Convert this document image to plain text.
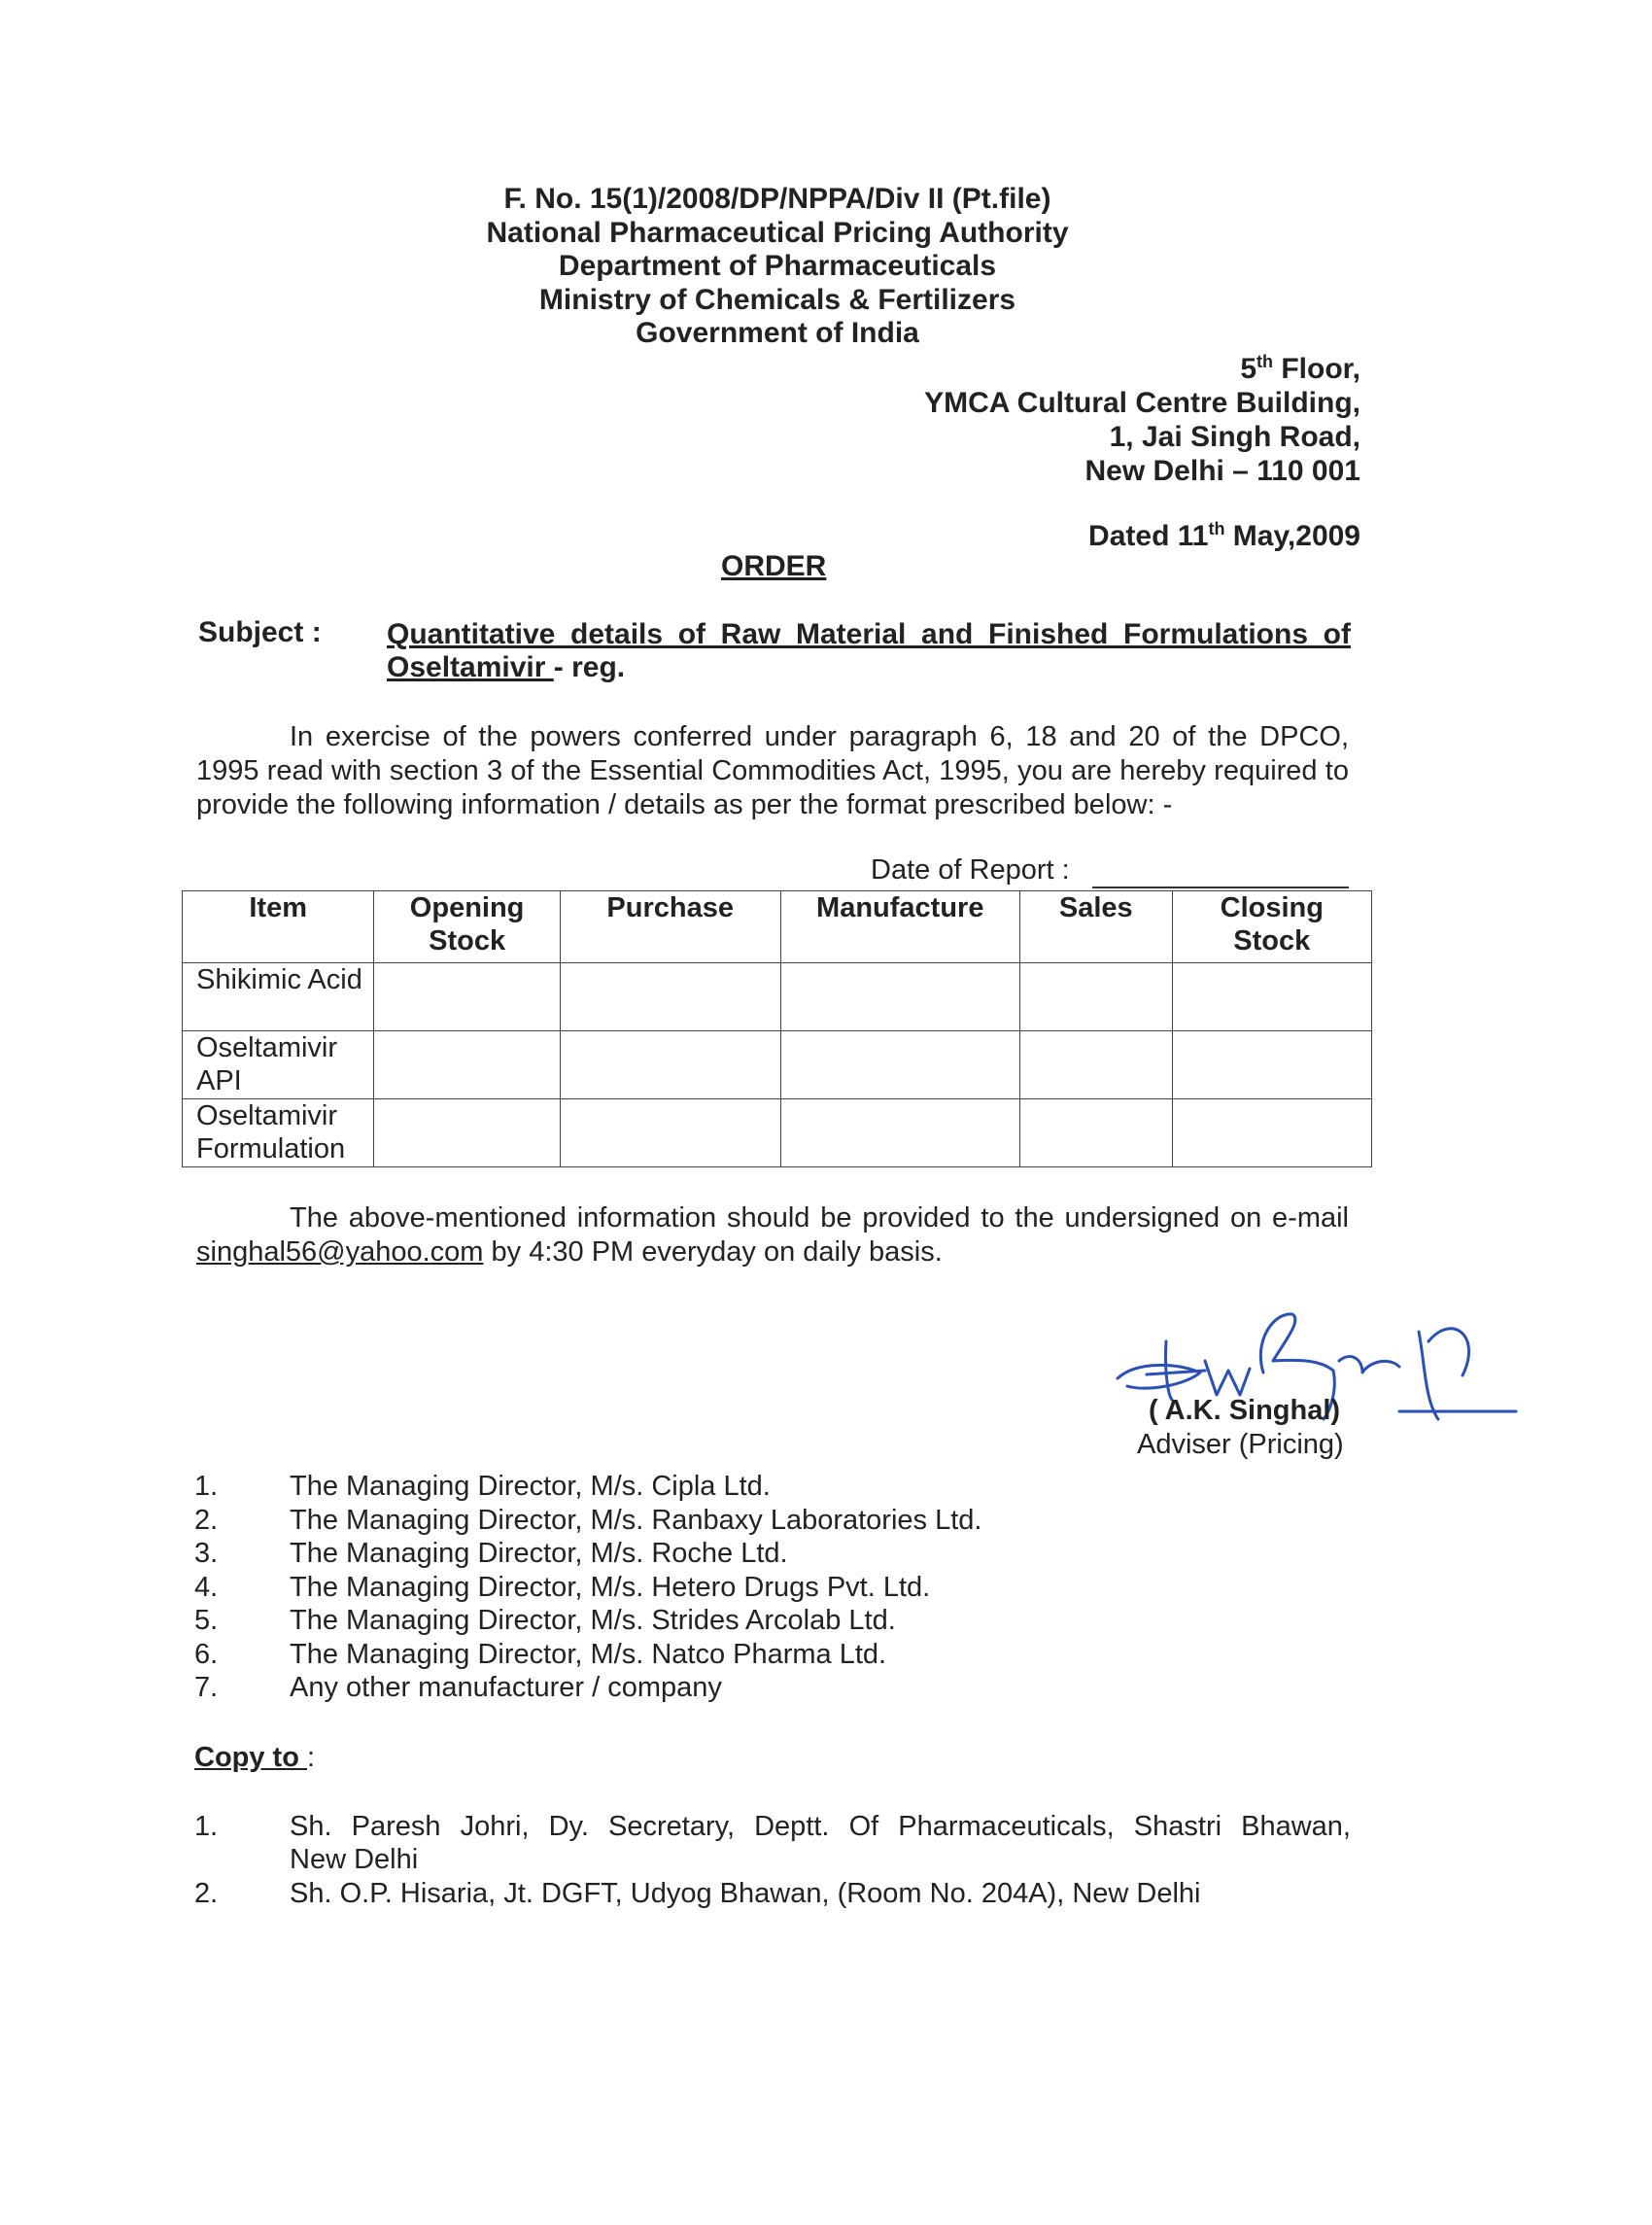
F. No. 15(1)/2008/DP/NPPA/Div II (Pt.file)
National Pharmaceutical Pricing Authority
Department of Pharmaceuticals
Ministry of Chemicals & Fertilizers
Government of India
5th Floor,
YMCA Cultural Centre Building,
1, Jai Singh Road,
New Delhi – 110 001
Dated 11th May,2009
ORDER
Subject : Quantitative details of Raw Material and Finished Formulations of
Oseltamivir - reg.
In exercise of the powers conferred under paragraph 6, 18 and 20 of the DPCO, 1995 read with section 3 of the Essential Commodities Act, 1995, you are hereby required to provide the following information / details as per the format prescribed below: -
Date of Report :
Item	Opening Stock	Purchase	Manufacture	Sales	Closing Stock
Shikimic Acid					
Oseltamivir API					
Oseltamivir Formulation					
The above-mentioned information should be provided to the undersigned on e-mail singhal56@yahoo.com by 4:30 PM everyday on daily basis.
( A.K. Singhal)
Adviser (Pricing)
1.	The Managing Director, M/s. Cipla Ltd.
2.	The Managing Director, M/s. Ranbaxy Laboratories Ltd.
3.	The Managing Director, M/s. Roche Ltd.
4.	The Managing Director, M/s. Hetero Drugs Pvt. Ltd.
5.	The Managing Director, M/s. Strides Arcolab Ltd.
6.	The Managing Director, M/s. Natco Pharma Ltd.
7.	Any other manufacturer / company
Copy to :
1.	Sh. Paresh Johri, Dy. Secretary, Deptt. Of Pharmaceuticals, Shastri Bhawan,
New Delhi
2.	Sh. O.P. Hisaria, Jt. DGFT, Udyog Bhawan, (Room No. 204A), New Delhi
